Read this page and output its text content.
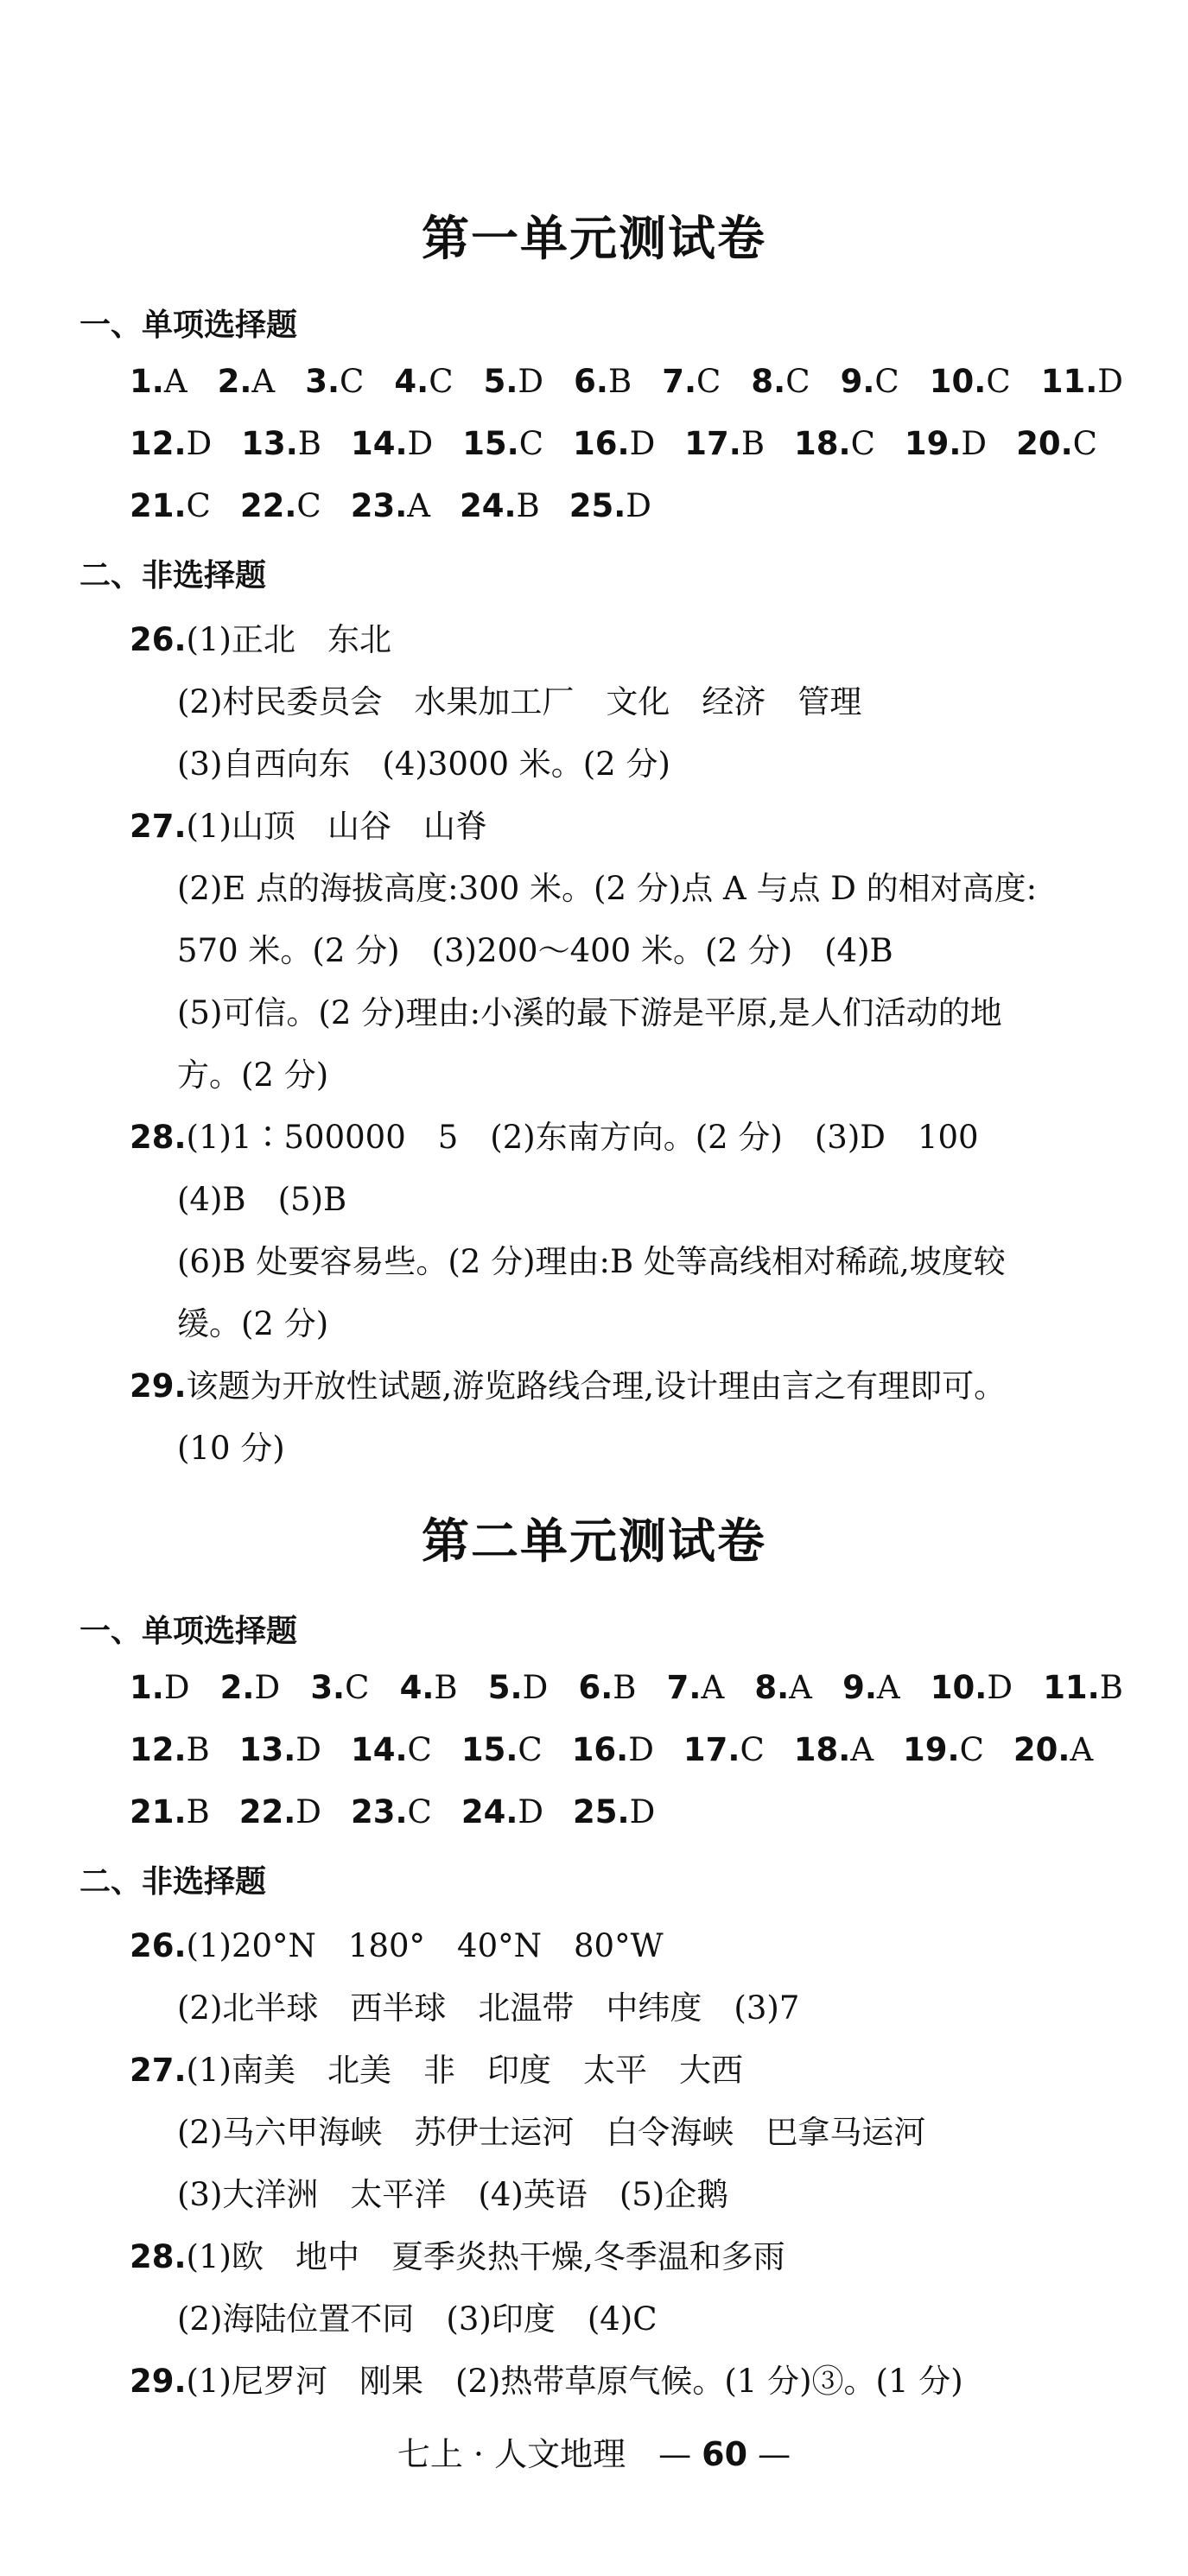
第一单元测试卷
一、单项选择题
1.A 2.A 3.C 4.C 5.D 6.B 7.C 8.C 9.C 10.C 11.D
12.D 13.B 14.D 15.C 16.D 17.B 18.C 19.D 20.C
21.C 22.C 23.A 24.B 25.D
二、非选择题
26.(1)正北　东北
(2)村民委员会　水果加工厂　文化　经济　管理
(3)自西向东　(4)3000 米。(2 分)
27.(1)山顶　山谷　山脊
(2)E 点的海拔高度:300 米。(2 分)点 A 与点 D 的相对高度:
570 米。(2 分)　(3)200～400 米。(2 分)　(4)B
(5)可信。(2 分)理由:小溪的最下游是平原,是人们活动的地
方。(2 分)
28.(1)1∶500000　5　(2)东南方向。(2 分)　(3)D　100
(4)B　(5)B
(6)B 处要容易些。(2 分)理由:B 处等高线相对稀疏,坡度较
缓。(2 分)
29.该题为开放性试题,游览路线合理,设计理由言之有理即可。
(10 分)
第二单元测试卷
一、单项选择题
1.D 2.D 3.C 4.B 5.D 6.B 7.A 8.A 9.A 10.D 11.B
12.B 13.D 14.C 15.C 16.D 17.C 18.A 19.C 20.A
21.B 22.D 23.C 24.D 25.D
二、非选择题
26.(1)20°N　180°　40°N　80°W
(2)北半球　西半球　北温带　中纬度　(3)7
27.(1)南美　北美　非　印度　太平　大西
(2)马六甲海峡　苏伊士运河　白令海峡　巴拿马运河
(3)大洋洲　太平洋　(4)英语　(5)企鹅
28.(1)欧　地中　夏季炎热干燥,冬季温和多雨
(2)海陆位置不同　(3)印度　(4)C
29.(1)尼罗河　刚果　(2)热带草原气候。(1 分)③。(1 分)
七上 · 人文地理　— 60 —
